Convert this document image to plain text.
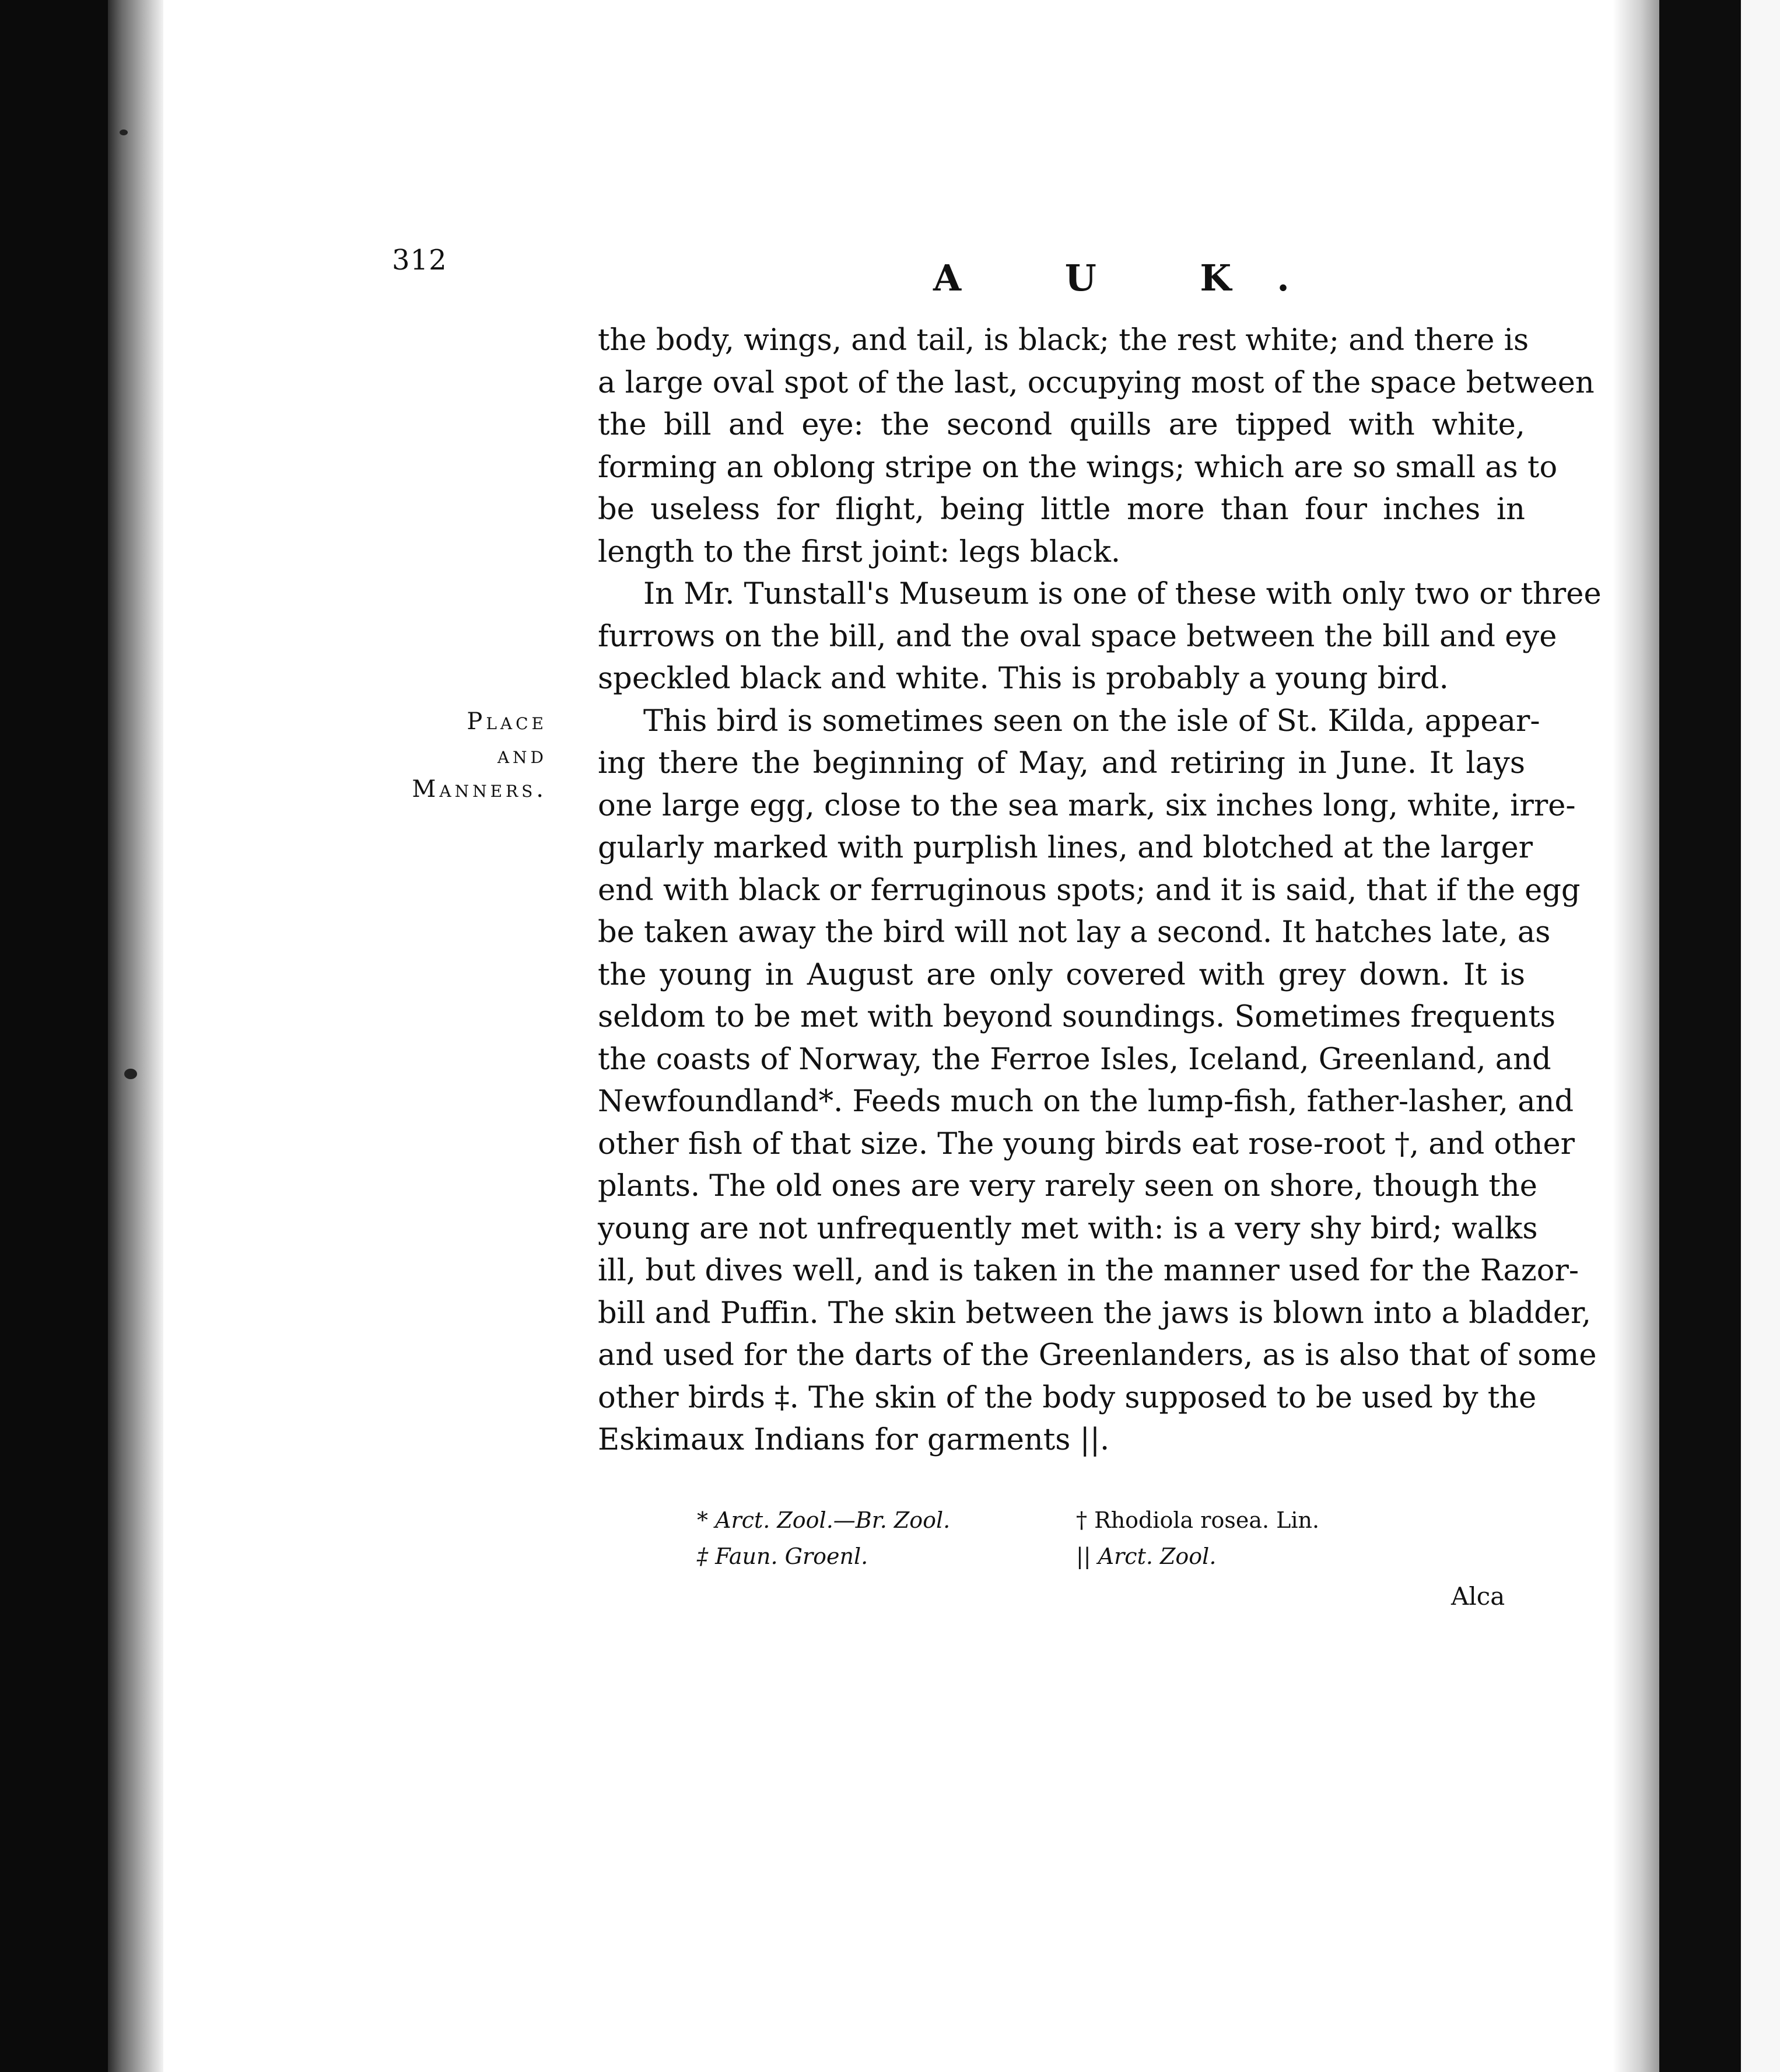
312	A U K.
Place and
Manners.
the body, wings, and tail, is black; the rest white; and there is
a large oval spot of the last, occupying most of the space between
the bill and eye: the second quills are tipped with white,
forming an oblong stripe on the wings; which are so small as to
be useless for flight, being little more than four inches in
length to the first joint: legs black.
In Mr. Tunstall's Museum is one of these with only two or three
furrows on the bill, and the oval space between the bill and eye
speckled black and white. This is probably a young bird.
This bird is sometimes seen on the isle of St. Kilda, appear-
ing there the beginning of May, and retiring in June. It lays
one large egg, close to the sea mark, six inches long, white, irre-
gularly marked with purplish lines, and blotched at the larger
end with black or ferruginous spots; and it is said, that if the egg
be taken away the bird will not lay a second. It hatches late, as
the young in August are only covered with grey down. It is
seldom to be met with beyond soundings. Sometimes frequents
the coasts of Norway, the Ferroe Isles, Iceland, Greenland, and
Newfoundland*. Feeds much on the lump-fish, father-lasher, and
other fish of that size. The young birds eat rose-root †, and other
plants. The old ones are very rarely seen on shore, though the
young are not unfrequently met with: is a very shy bird; walks
ill, but dives well, and is taken in the manner used for the Razor-
bill and Puffin. The skin between the jaws is blown into a bladder,
and used for the darts of the Greenlanders, as is also that of some
other birds ‡. The skin of the body supposed to be used by the
Eskimaux Indians for garments ||.
* Arct. Zool.—Br. Zool.	† Rhodiola rosea. Lin.
‡ Faun. Groenl.	|| Arct. Zool.
Alca
